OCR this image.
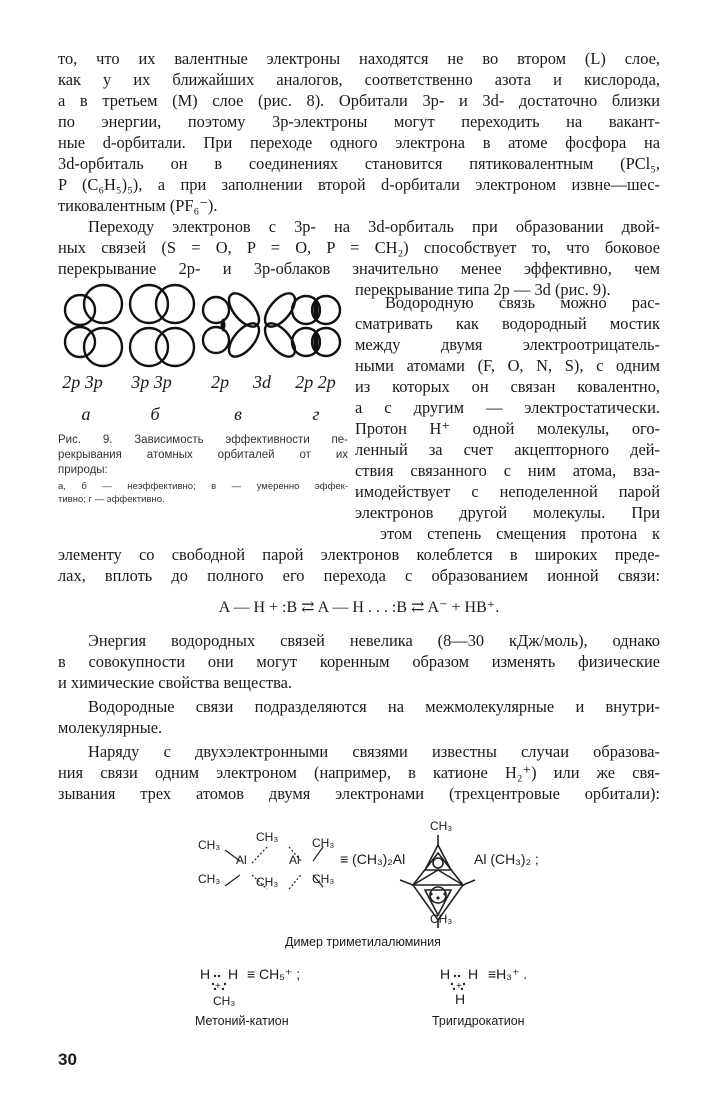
то, что их валентные электроны находятся не во втором (L) слое,
как у их ближайших аналогов, соответственно азота и кислорода,
а в третьем (M) слое (рис. 8). Орбитали 3p- и 3d- достаточно близки
по энергии, поэтому 3p-электроны могут переходить на вакант-
ные d-орбитали. При переходе одного электрона в атоме фосфора на
3d-орбиталь он в соединениях становится пятиковалентным (PCl₅,
P (C₆H₅)₅), а при заполнении второй d-орбитали электроном извне—шес-
тиковалентным (PF₆⁻).
Переходу электронов с 3p- на 3d-орбиталь при образовании двой-
ных связей (S = O, P = O, P = CH₂) способствует то, что боковое
перекрывание 2p- и 3p-облаков значительно менее эффективно, чем
перекрывание типа 2p — 3d (рис. 9).
2p 3p	3p 3p	2p	3d	2p 2p
а	б	в	г
Рис. 9. Зависимость эффективности пе-
рекрывания атомных орбиталей от их
природы:
а, б — неэффективно; в — умеренно эффек-
тивно; г — эффективно.
Водородную связь можно рас-
сматривать как водородный мостик
между двумя электроотрицатель-
ными атомами (F, O, N, S), с одним
из которых он связан ковалентно,
а с другим — электростатически.
Протон H⁺ одной молекулы, ого-
ленный за счет акцепторного дей-
ствия связанного с ним атома, вза-
имодействует с неподеленной парой
электронов другой молекулы. При
этом степень смещения протона к
элементу со свободной парой электронов колеблется в широких преде-
лах, вплоть до полного его перехода с образованием ионной связи:
A — H + :B ⇄ A — H . . . :B ⇄ A⁻ + HB⁺.
Энергия водородных связей невелика (8—30 кДж/моль), однако
в совокупности они могут коренным образом изменять физические
и химические свойства вещества.
Водородные связи подразделяются на межмолекулярные и внутри-
молекулярные.
Наряду с двухэлектронными связями известны случаи образова-
ния связи одним электроном (например, в катионе H₂⁺) или же свя-
зывания трех атомов двумя электронами (трехцентровые орбитали):
CH₃
CH₃
Al
CH₃
CH₃
Al
CH₃
CH₃
≡ (CH₃)₂Al
CH₃
CH₃
Al (CH₃)₂ ;
Димер триметилалюминия
H H
+
CH₃
≡ CH₅⁺ ;
Метоний-катион
H H
+
H
≡H₃⁺ .
Тригидрокатион
30
